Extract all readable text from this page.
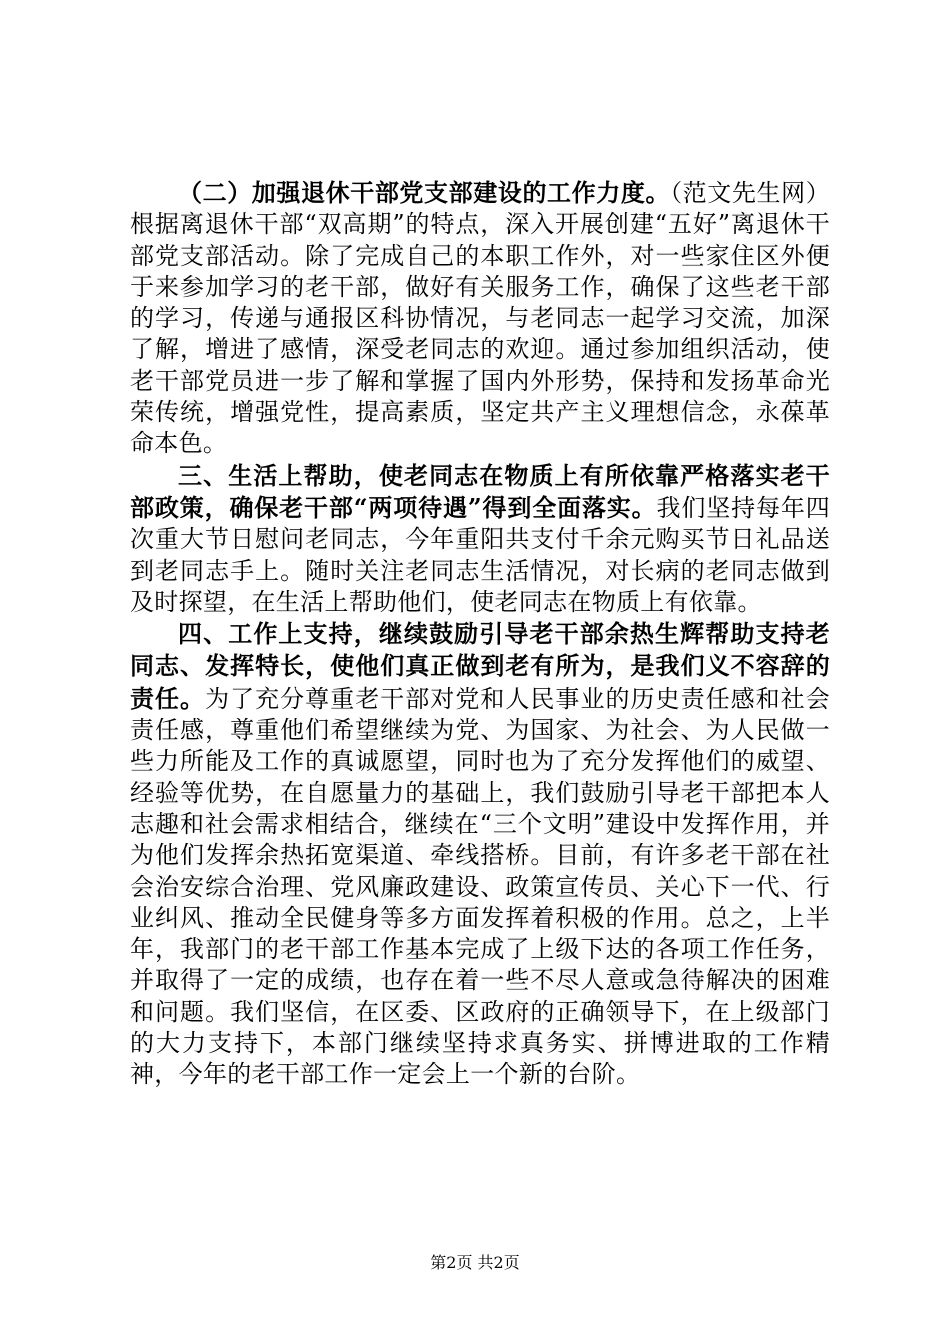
（二）加强退休干部党支部建设的工作力度。（范文先生网）根据离退休干部“双高期”的特点，深入开展创建“五好”离退休干部党支部活动。除了完成自己的本职工作外，对一些家住区外便于来参加学习的老干部，做好有关服务工作，确保了这些老干部的学习，传递与通报区科协情况，与老同志一起学习交流，加深了解，增进了感情，深受老同志的欢迎。通过参加组织活动，使老干部党员进一步了解和掌握了国内外形势，保持和发扬革命光荣传统，增强党性，提高素质，坚定共产主义理想信念，永葆革命本色。

三、生活上帮助，使老同志在物质上有所依靠严格落实老干部政策，确保老干部“两项待遇”得到全面落实。我们坚持每年四次重大节日慰问老同志，今年重阳共支付千余元购买节日礼品送到老同志手上。随时关注老同志生活情况，对长病的老同志做到及时探望，在生活上帮助他们，使老同志在物质上有依靠。

四、工作上支持，继续鼓励引导老干部余热生辉帮助支持老同志、发挥特长，使他们真正做到老有所为，是我们义不容辞的责任。为了充分尊重老干部对党和人民事业的历史责任感和社会责任感，尊重他们希望继续为党、为国家、为社会、为人民做一些力所能及工作的真诚愿望，同时也为了充分发挥他们的威望、经验等优势，在自愿量力的基础上，我们鼓励引导老干部把本人志趣和社会需求相结合，继续在“三个文明”建设中发挥作用，并为他们发挥余热拓宽渠道、牵线搭桥。目前，有许多老干部在社会治安综合治理、党风廉政建设、政策宣传员、关心下一代、行业纠风、推动全民健身等多方面发挥着积极的作用。总之，上半年，我部门的老干部工作基本完成了上级下达的各项工作任务，并取得了一定的成绩，也存在着一些不尽人意或急待解决的困难和问题。我们坚信，在区委、区政府的正确领导下，在上级部门的大力支持下，本部门继续坚持求真务实、拼博进取的工作精神，今年的老干部工作一定会上一个新的台阶。

第2页 共2页
